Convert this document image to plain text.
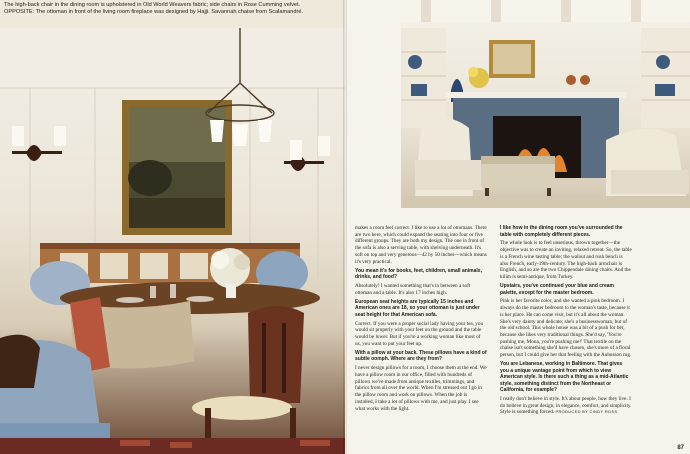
The high-back chair in the dining room is upholstered in Old World Weavers fabric; side chairs in Rose Cumming velvet.
OPPOSITE: The ottoman in front of the living room fireplace was designed by Hajji. Savannah chaise from Scalamandré.

makes a room feel correct. I like to use a lot of ottomans. There are two here, which could expand the seating into four or five different groups. They are both my design. The one in front of the sofa is also a serving table, with shelving underneath. It's soft on top and very generous—42 by 50 inches—which means it's very practical.

You mean it's for books, feet, children, small animals, drinks, and food?

Absolutely! I wanted something that's in between a soft ottoman and a table. It's also 17 inches high.

European seat heights are typically 15 inches and American ones are 18, so your ottoman is just under seat height for that American sofa.

Correct. If you were a proper social lady having your tea, you would sit properly with your feet on the ground and the table would be lower. But if you're a working woman like most of us, you want to put your feet up.

With a pillow at your back. These pillows have a kind of subtle oomph. Where are they from?

I never design pillows for a room, I choose them at the end. We have a pillow room in our office, filled with hundreds of pillows we've made from antique textiles, trimmings, and fabrics from all over the world. When I'm stressed out I go in the pillow room and work on pillows. When the job is installed, I take a lot of pillows with me, and just play. I see what works with the light.

I like how in the dining room you've surrounded the table with completely different pieces.

The whole look is to feel unserious, thrown together—the objective was to create an inviting, relaxed retreat. So, the table is a French wine tasting table; the walnut and rush bench is also French, early-19th-century. The high-back armchair is English, and so are the two Chippendale dining chairs. And the kilim is semi-antique, from Turkey.

Upstairs, you've continued your blue and cream palette, except for the master bedroom.

Pink is her favorite color, and she wanted a pink bedroom. I always do the master bedroom to the woman's taste, because it is her place. He can come visit, but it's all about the woman. She's very dainty and delicate; she's a businesswoman, but of the old school. This whole house was a bit of a push for her, because she likes very traditional things. She'd say, 'You're pushing me, Mona, you're pushing me!' That textile on the chaise isn't something she'd have chosen, she's more of a floral person, but I could give her that feeling with the Aubusson rug.

You are Lebanese, working in Baltimore. That gives you a unique vantage point from which to view American style. Is there such a thing as a mid-Atlantic style, something distinct from the Northeast or California, for example?

I really don't believe in style. It's about people, how they live. I do believe in great design, in elegance, comfort, and simplicity. Style is something forced. PRODUCED BY CINDY ROSS

87
